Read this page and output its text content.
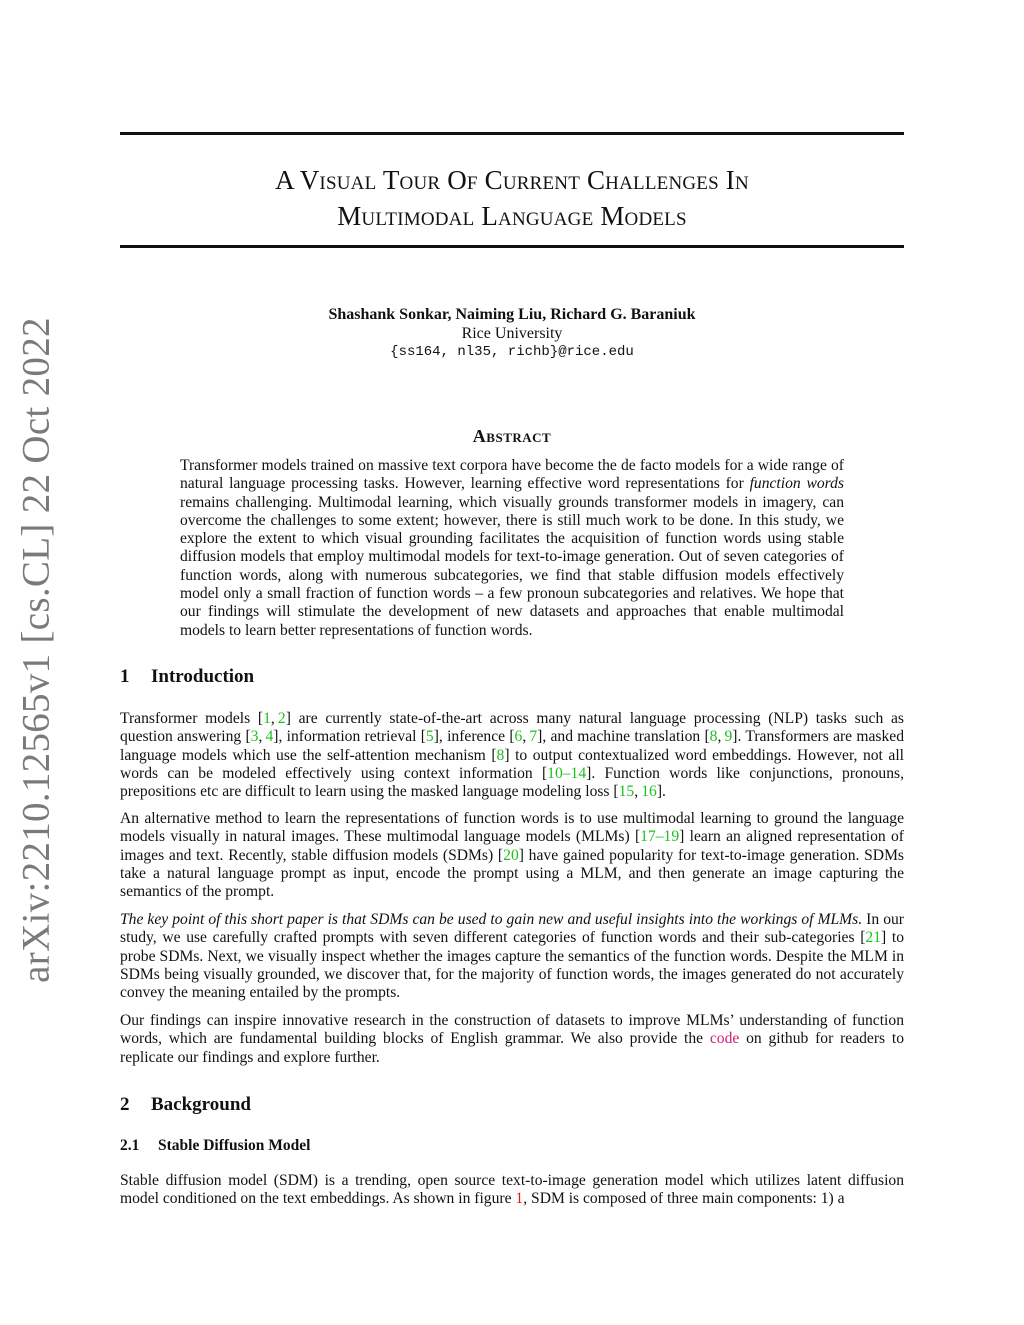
arXiv:2210.12565v1 [cs.CL] 22 Oct 2022
A Visual Tour Of Current Challenges In
Multimodal Language Models
Shashank Sonkar, Naiming Liu, Richard G. Baraniuk
Rice University
{ss164, nl35, richb}@rice.edu
Abstract
Transformer models trained on massive text corpora have become the de facto models for a wide range of natural language processing tasks. However, learning effective word representations for function words remains challenging. Multimodal learning, which visually grounds transformer models in imagery, can overcome the challenges to some extent; however, there is still much work to be done. In this study, we explore the extent to which visual grounding facilitates the acquisition of function words using stable diffusion models that employ multimodal models for text-to-image generation. Out of seven categories of function words, along with numerous subcategories, we find that stable diffusion models effectively model only a small fraction of function words – a few pronoun subcategories and relatives. We hope that our findings will stimulate the development of new datasets and approaches that enable multimodal models to learn better representations of function words.
1 Introduction

Transformer models [1, 2] are currently state-of-the-art across many natural language processing (NLP) tasks such as question answering [3, 4], information retrieval [5], inference [6, 7], and machine translation [8, 9]. Transformers are masked language models which use the self-attention mechanism [8] to output contextualized word embeddings. However, not all words can be modeled effectively using context information [10–14]. Function words like conjunctions, pronouns, prepositions etc are difficult to learn using the masked language modeling loss [15, 16].

An alternative method to learn the representations of function words is to use multimodal learning to ground the language models visually in natural images. These multimodal language models (MLMs) [17–19] learn an aligned representation of images and text. Recently, stable diffusion models (SDMs) [20] have gained popularity for text-to-image generation. SDMs take a natural language prompt as input, encode the prompt using a MLM, and then generate an image capturing the semantics of the prompt.

The key point of this short paper is that SDMs can be used to gain new and useful insights into the workings of MLMs. In our study, we use carefully crafted prompts with seven different categories of function words and their sub-categories [21] to probe SDMs. Next, we visually inspect whether the images capture the semantics of the function words. Despite the MLM in SDMs being visually grounded, we discover that, for the majority of function words, the images generated do not accurately convey the meaning entailed by the prompts.

Our findings can inspire innovative research in the construction of datasets to improve MLMs’ understanding of function words, which are fundamental building blocks of English grammar. We also provide the code on github for readers to replicate our findings and explore further.

2 Background
2.1 Stable Diffusion Model

Stable diffusion model (SDM) is a trending, open source text-to-image generation model which utilizes latent diffusion model conditioned on the text embeddings. As shown in figure 1, SDM is composed of three main components: 1) a
